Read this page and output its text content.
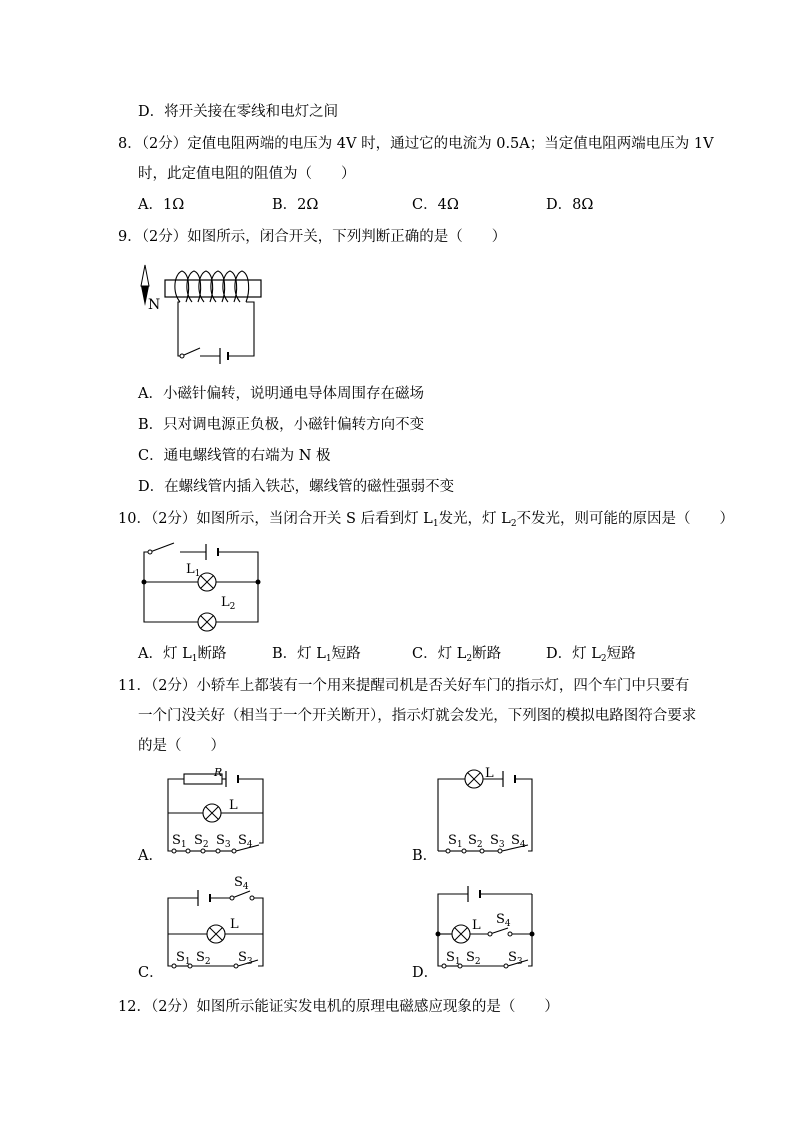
D．将开关接在零线和电灯之间
8．（2分）定值电阻两端的电压为 4V 时，通过它的电流为 0.5A；当定值电阻两端电压为 1V
时，此定值电阻的阻值为（　　）
A．1Ω	B．2Ω	C．4Ω	D．8Ω
9．（2分）如图所示，闭合开关，下列判断正确的是（　　）
N
A．小磁针偏转，说明通电导体周围存在磁场
B．只对调电源正负极，小磁针偏转方向不变
C．通电螺线管的右端为 N 极
D．在螺线管内插入铁芯，螺线管的磁性强弱不变
10．（2分）如图所示，当闭合开关 S 后看到灯 $L_1$发光，灯 $L_2$不发光，则可能的原因是（　　）
$L_1$
$L_2$
A．灯 $L_1$断路	B．灯 $L_1$短路	C．灯 $L_2$断路	D．灯 $L_2$短路
11．（2分）小轿车上都装有一个用来提醒司机是否关好车门的指示灯，四个车门中只要有
一个门没关好（相当于一个开关断开），指示灯就会发光，下列图的模拟电路图符合要求
的是（　　）
R
L
$S_1$ $S_2$ $S_3$ $S_4$
A．
L
$S_1$ $S_2$ $S_3$ $S_4$
B．
$S_4$
L
$S_1$ $S_2$ $S_3$
C．
L $S_4$
$S_1$ $S_2$ $S_3$
D．
12．（2分）如图所示能证实发电机的原理电磁感应现象的是（　　）
